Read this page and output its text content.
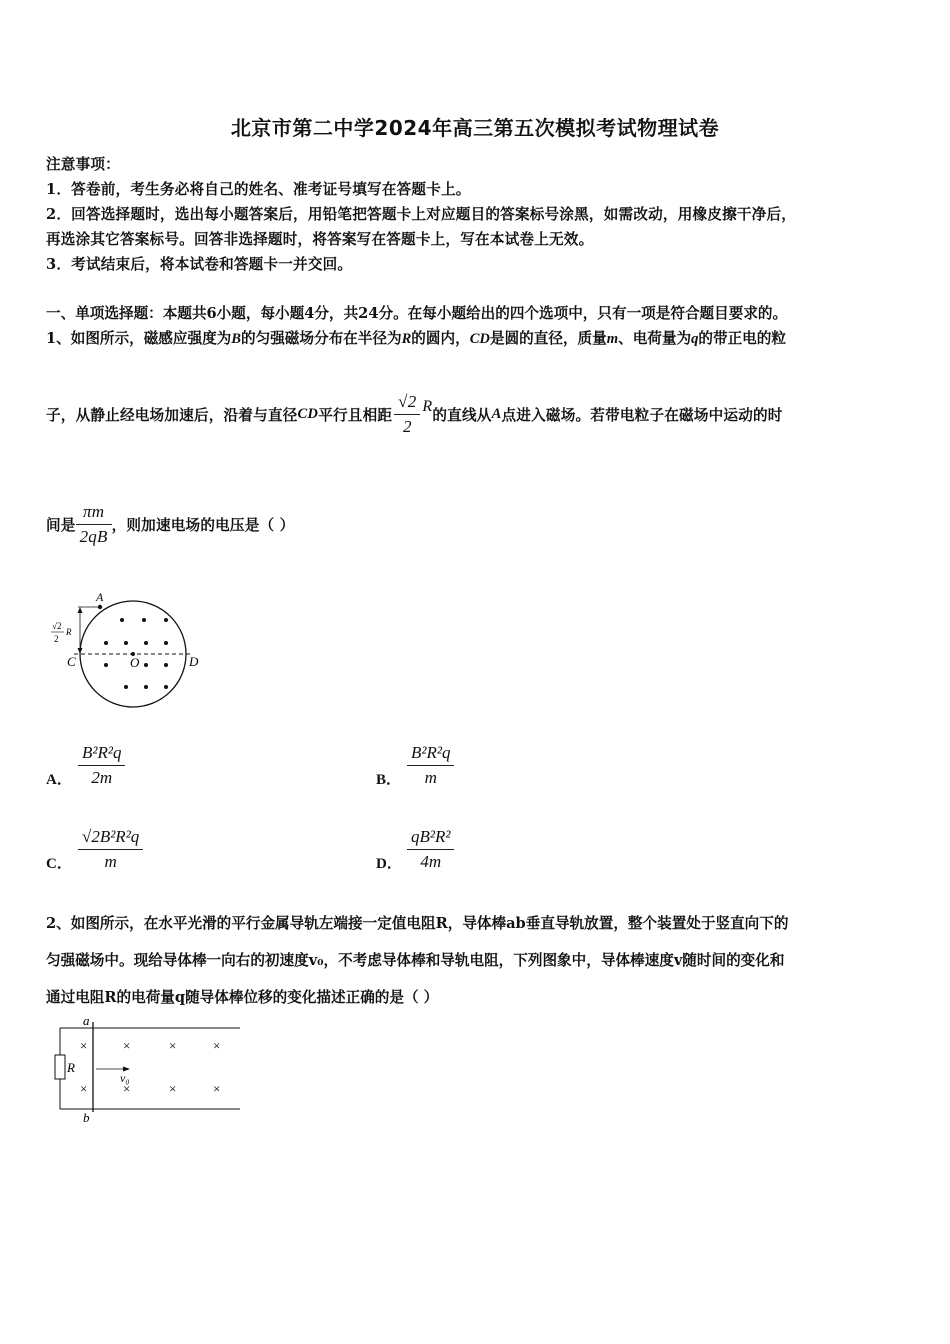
北京市第二中学2024年高三第五次模拟考试物理试卷
注意事项：
1．答卷前，考生务必将自己的姓名、准考证号填写在答题卡上。
2．回答选择题时，选出每小题答案后，用铅笔把答题卡上对应题目的答案标号涂黑，如需改动，用橡皮擦干净后，
再选涂其它答案标号。回答非选择题时，将答案写在答题卡上，写在本试卷上无效。
3．考试结束后，将本试卷和答题卡一并交回。
一、单项选择题：本题共6小题，每小题4分，共24分。在每小题给出的四个选项中，只有一项是符合题目要求的。
1、如图所示，磁感应强度为B的匀强磁场分布在半径为R的圆内，CD是圆的直径，质量m、电荷量为q的带正电的粒
子，从静止经电场加速后，沿着与直径CD平行且相距 $\frac{√2}{2}$ R的直线从A点进入磁场。若带电粒子在磁场中运动的时
间是 $\frac{\pi m}{2qB}$ ，则加速电场的电压是（ ）
A
C	D
O
√2
2
R
A． $\frac{\text{B²R²q}}{2m}$	B． $\frac{\text{B²R²q}}{m}$
C． $\frac{\text{√2B²R²q}}{m}$	D． $\frac{\text{qB²R²}}{4m}$
2、如图所示，在水平光滑的平行金属导轨左端接一定值电阻R，导体棒ab垂直导轨放置，整个装置处于竖直向下的
匀强磁场中。现给导体棒一向右的初速度v₀，不考虑导体棒和导轨电阻，下列图象中，导体棒速度v随时间的变化和
通过电阻R的电荷量q随导体棒位移的变化描述正确的是（ ）
×	×	×	×
×	×	×	×
a
b
R
v₀
